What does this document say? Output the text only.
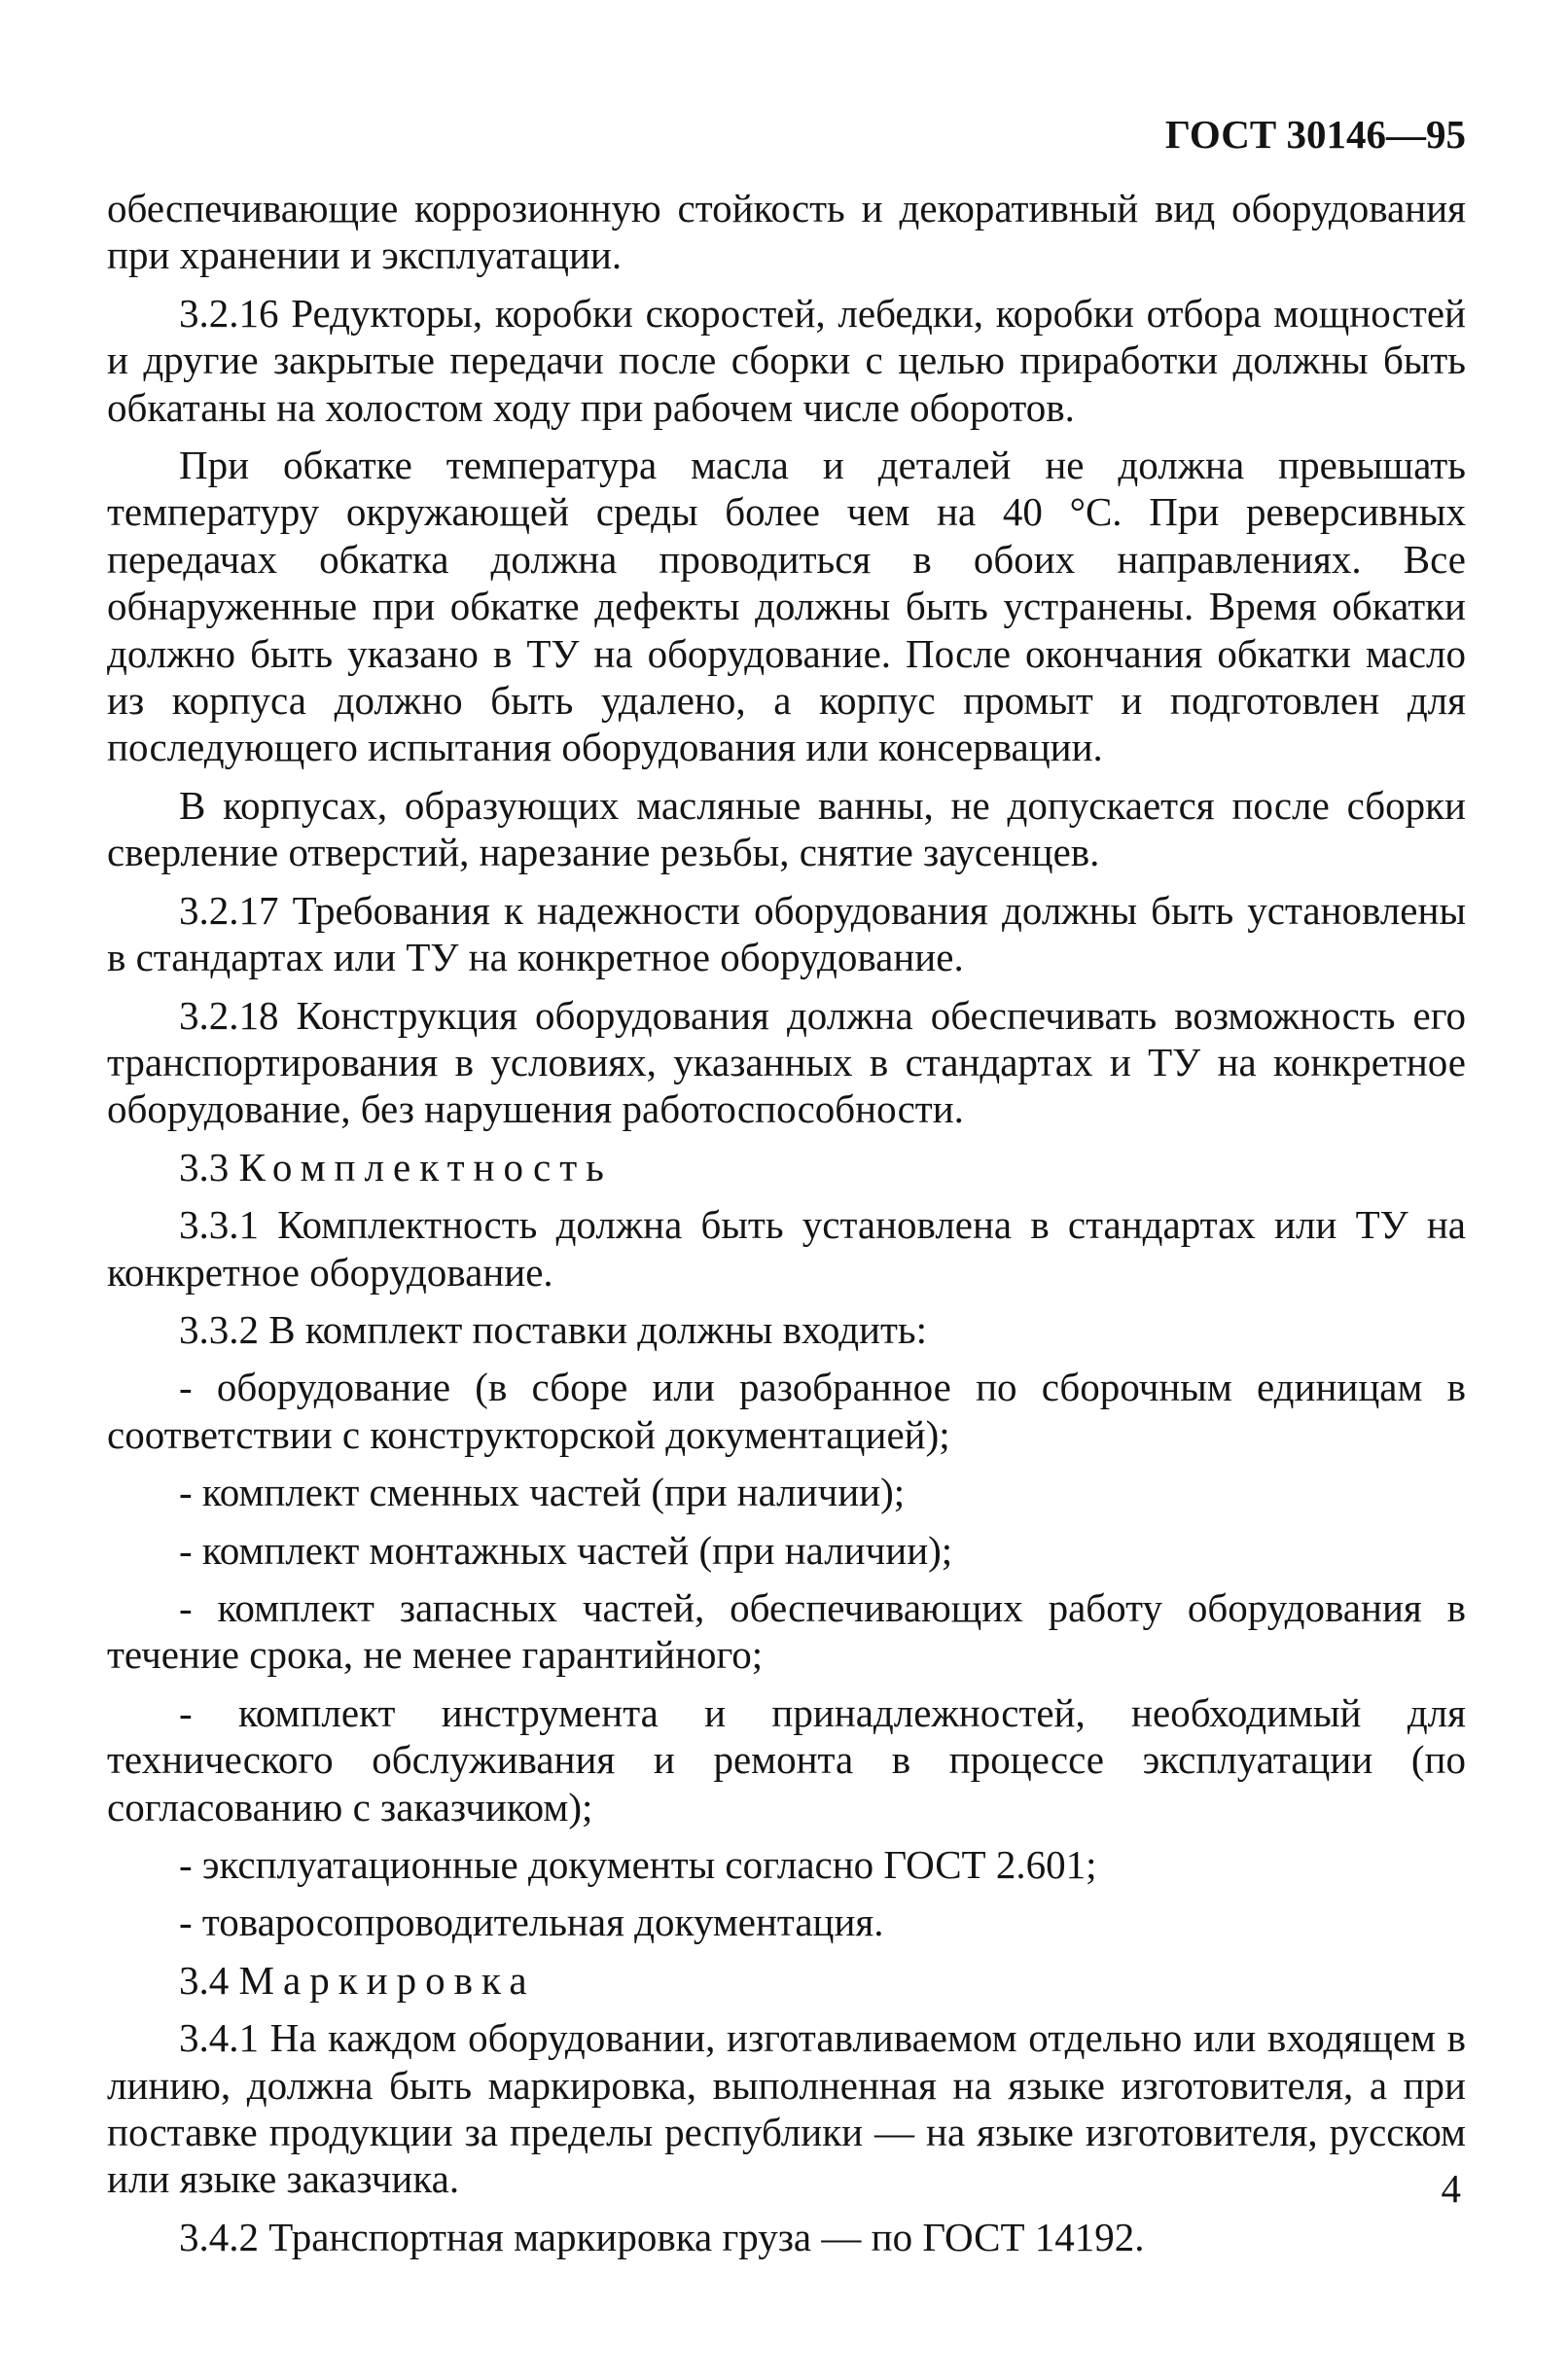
ГОСТ 30146—95

обеспечивающие коррозионную стойкость и декоративный вид оборудования при хранении и эксплуатации.

3.2.16 Редукторы, коробки скоростей, лебедки, коробки отбора мощностей и другие закрытые передачи после сборки с целью приработки должны быть обкатаны на холостом ходу при рабочем числе оборотов.

При обкатке температура масла и деталей не должна превышать температуру окружающей среды более чем на 40 °С. При реверсивных передачах обкатка должна проводиться в обоих направлениях. Все обнаруженные при обкатке дефекты должны быть устранены. Время обкатки должно быть указано в ТУ на оборудование. После окончания обкатки масло из корпуса должно быть удалено, а корпус промыт и подготовлен для последующего испытания оборудования или консервации.

В корпусах, образующих масляные ванны, не допускается после сборки сверление отверстий, нарезание резьбы, снятие заусенцев.

3.2.17 Требования к надежности оборудования должны быть установлены в стандартах или ТУ на конкретное оборудование.

3.2.18 Конструкция оборудования должна обеспечивать возможность его транспортирования в условиях, указанных в стандартах и ТУ на конкретное оборудование, без нарушения работоспособности.

3.3 Комплектность

3.3.1 Комплектность должна быть установлена в стандартах или ТУ на конкретное оборудование.

3.3.2 В комплект поставки должны входить:

- оборудование (в сборе или разобранное по сборочным единицам в соответствии с конструкторской документацией);

- комплект сменных частей (при наличии);

- комплект монтажных частей (при наличии);

- комплект запасных частей, обеспечивающих работу оборудования в течение срока, не менее гарантийного;

- комплект инструмента и принадлежностей, необходимый для технического обслуживания и ремонта в процессе эксплуатации (по согласованию с заказчиком);

- эксплуатационные документы согласно ГОСТ 2.601;

- товаросопроводительная документация.

3.4 Маркировка

3.4.1 На каждом оборудовании, изготавливаемом отдельно или входящем в линию, должна быть маркировка, выполненная на языке изготовителя, а при поставке продукции за пределы республики — на языке изготовителя, русском или языке заказчика.

3.4.2 Транспортная маркировка груза — по ГОСТ 14192.

4
